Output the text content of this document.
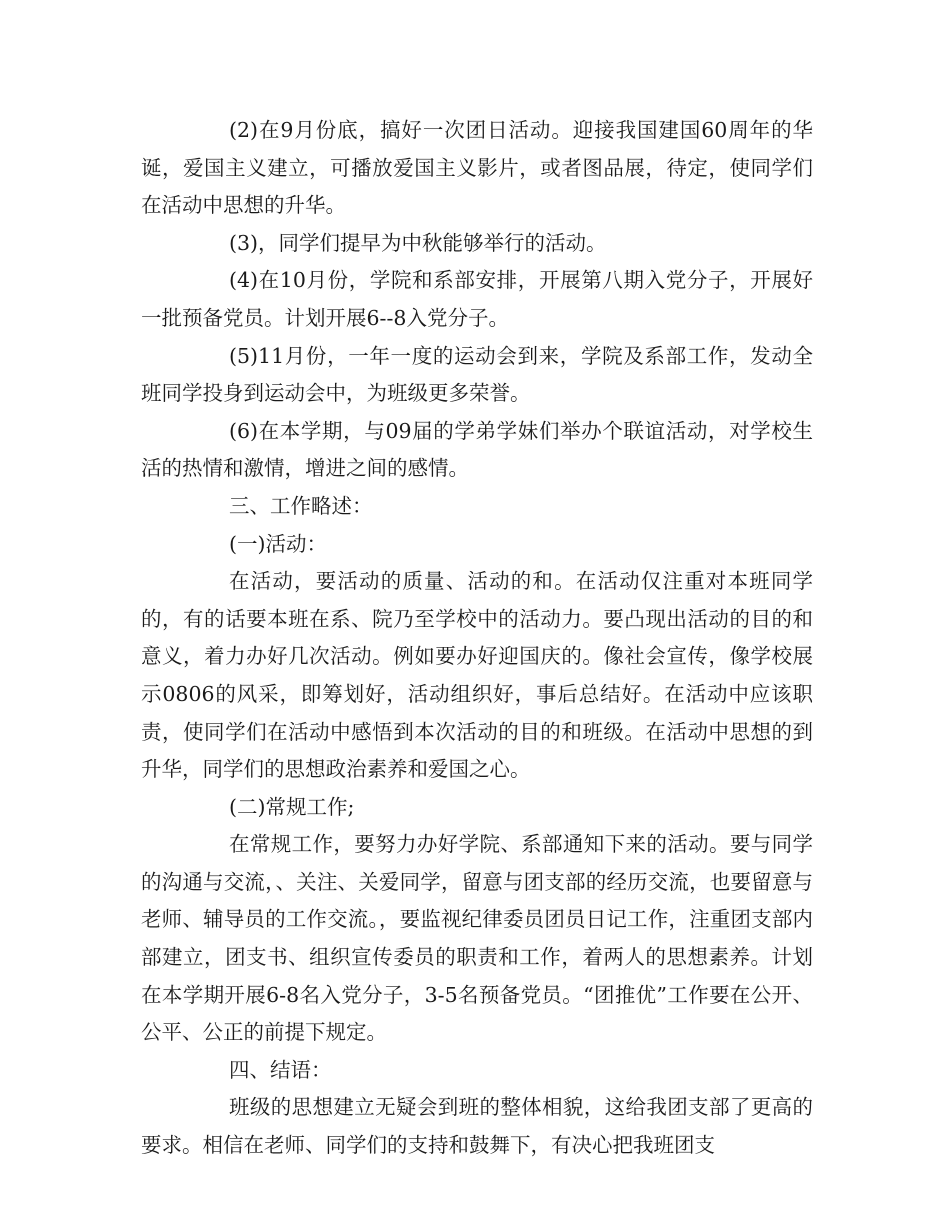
(2)在9月份底，搞好一次团日活动。迎接我国建国60周年的华诞，爱国主义建立，可播放爱国主义影片，或者图品展，待定，使同学们在活动中思想的升华。

(3)，同学们提早为中秋能够举行的活动。

(4)在10月份，学院和系部安排，开展第八期入党分子，开展好一批预备党员。计划开展6--8入党分子。

(5)11月份，一年一度的运动会到来，学院及系部工作，发动全班同学投身到运动会中，为班级更多荣誉。

(6)在本学期，与09届的学弟学妹们举办个联谊活动，对学校生活的热情和激情，增进之间的感情。

三、工作略述：

(一)活动：

在活动，要活动的质量、活动的和。在活动仅注重对本班同学的，有的话要本班在系、院乃至学校中的活动力。要凸现出活动的目的和意义，着力办好几次活动。例如要办好迎国庆的。像社会宣传，像学校展示0806的风采，即筹划好，活动组织好，事后总结好。在活动中应该职责，使同学们在活动中感悟到本次活动的目的和班级。在活动中思想的到升华，同学们的思想政治素养和爱国之心。

(二)常规工作;

在常规工作，要努力办好学院、系部通知下来的活动。要与同学的沟通与交流，、关注、关爱同学，留意与团支部的经历交流，也要留意与老师、辅导员的工作交流。，要监视纪律委员团员日记工作，注重团支部内部建立，团支书、组织宣传委员的职责和工作，着两人的思想素养。计划在本学期开展6-8名入党分子，3-5名预备党员。“团推优”工作要在公开、公平、公正的前提下规定。

四、结语：

班级的思想建立无疑会到班的整体相貌，这给我团支部了更高的要求。相信在老师、同学们的支持和鼓舞下，有决心把我班团支
